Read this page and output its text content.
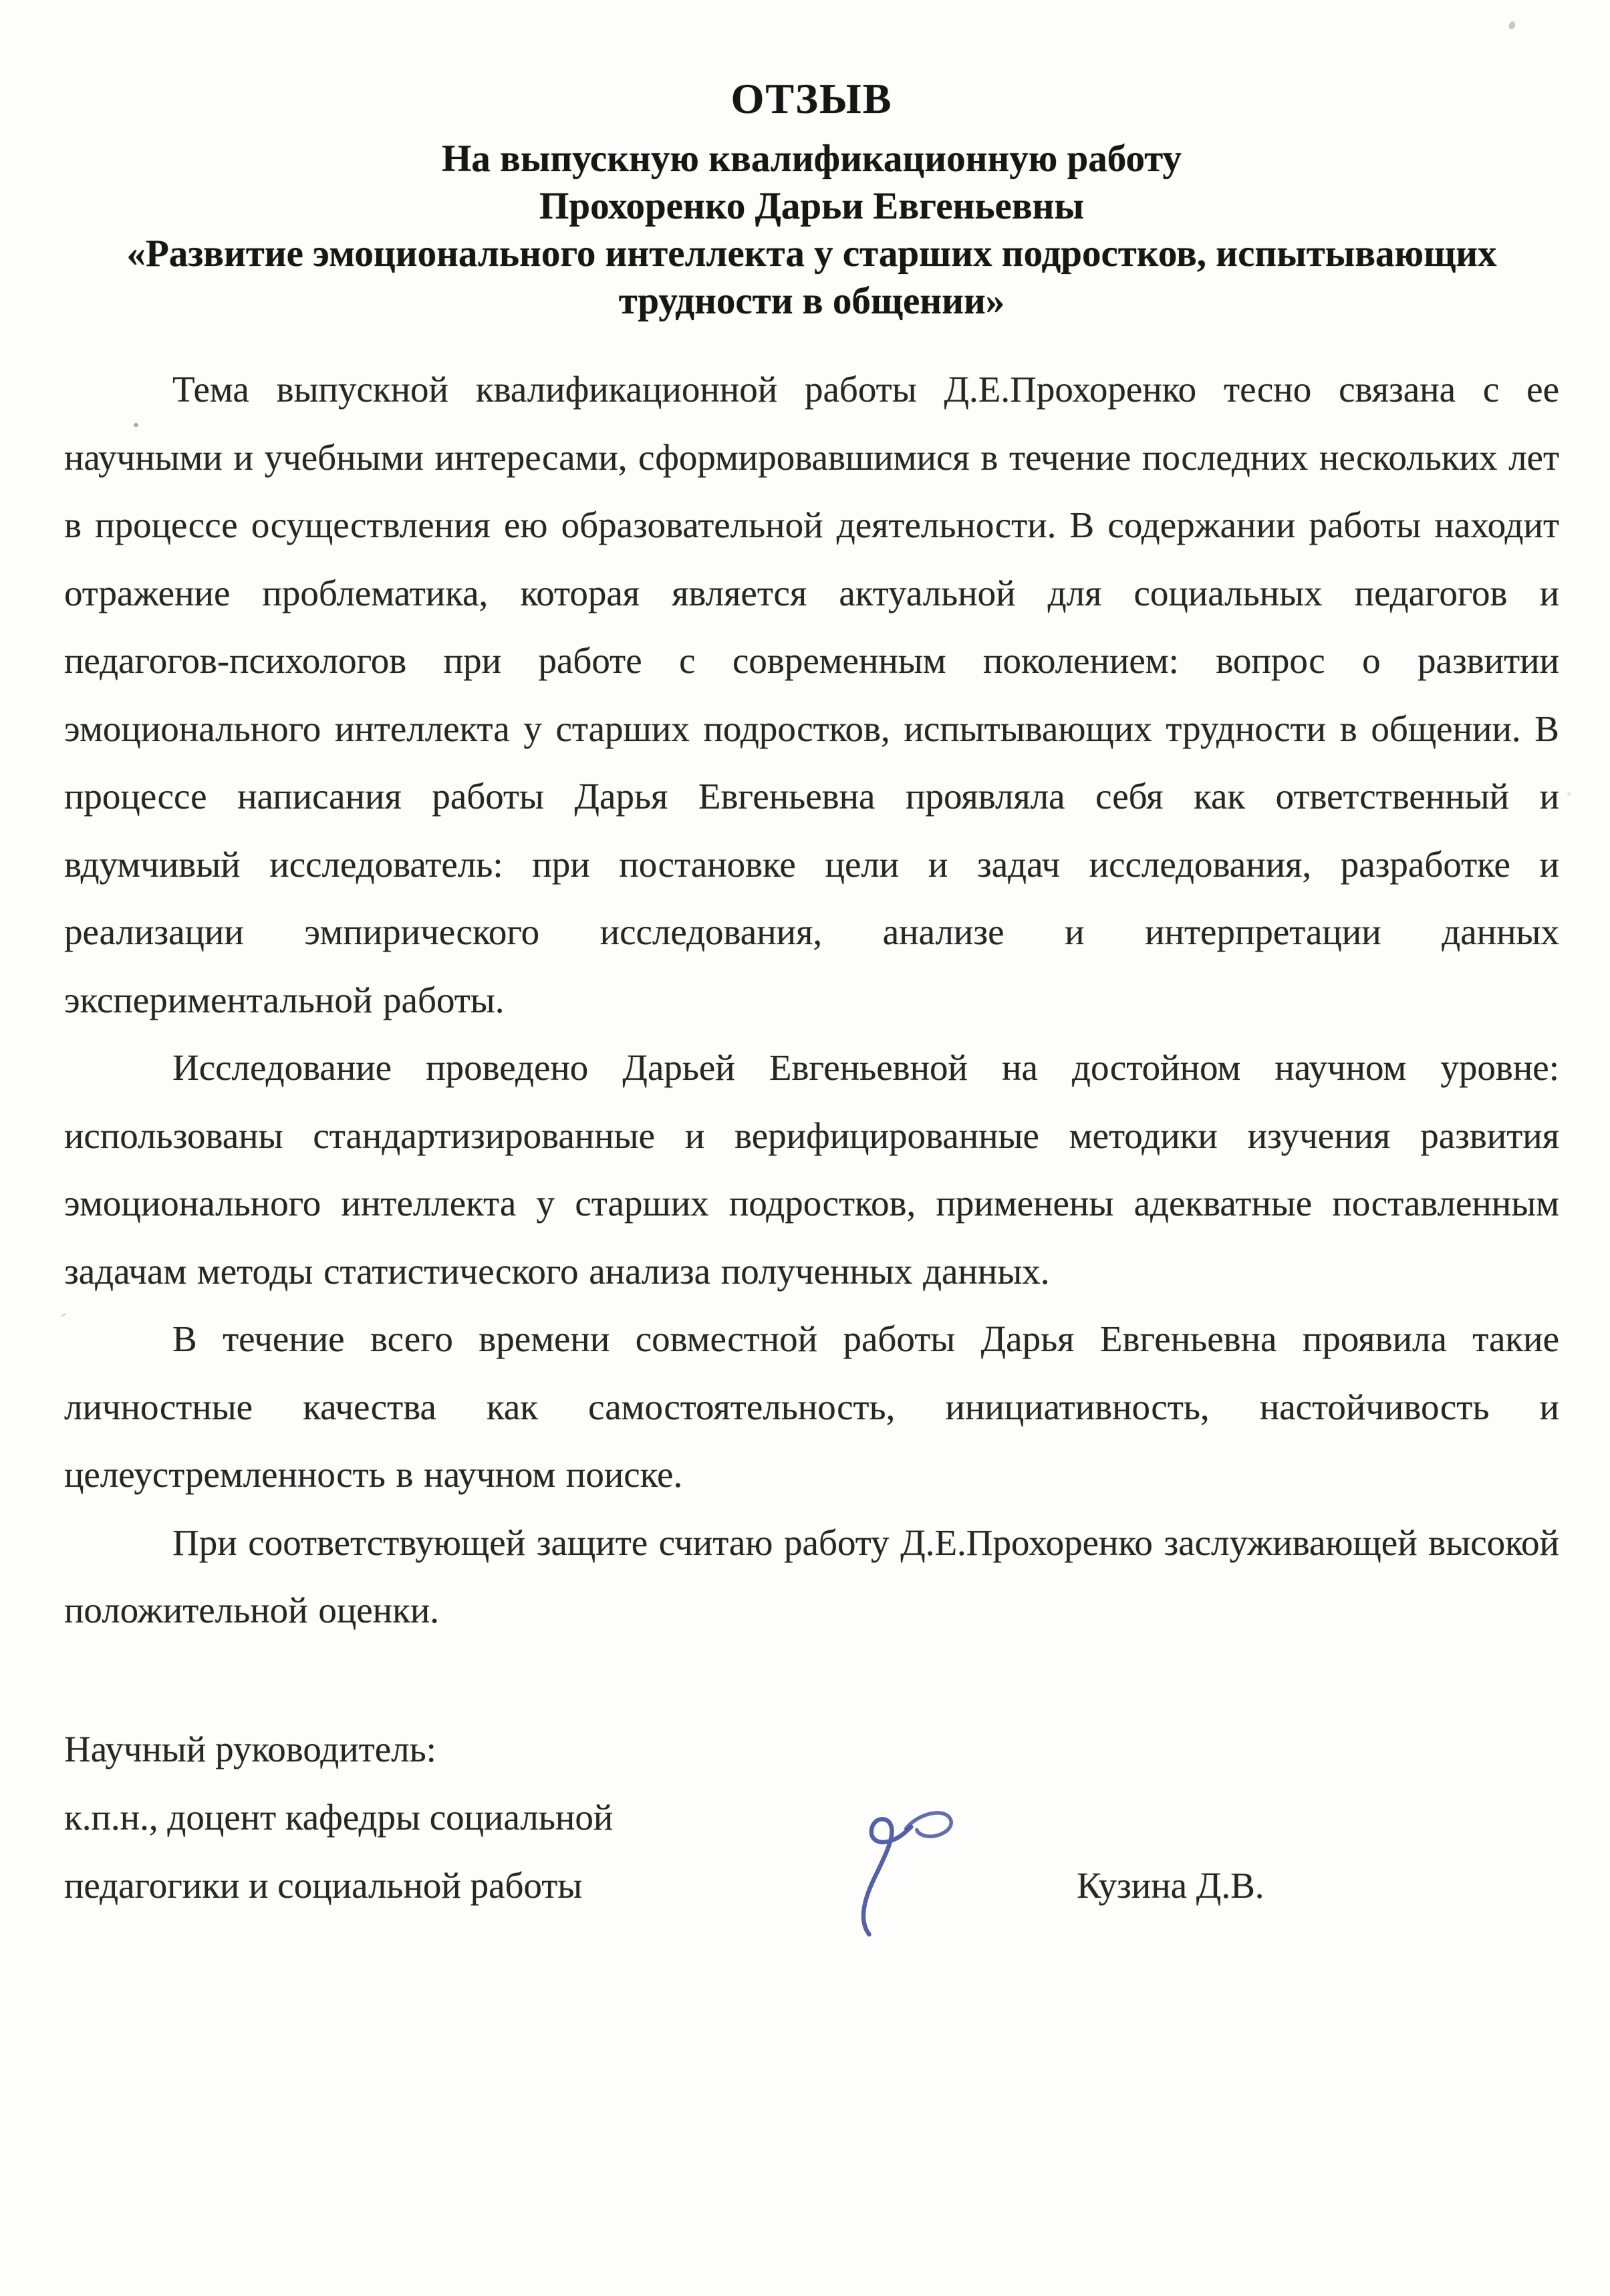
ОТЗЫВ
На выпускную квалификационную работу
Прохоренко Дарьи Евгеньевны
«Развитие эмоционального интеллекта у старших подростков, испытывающих
трудности в общении»

Тема выпускной квалификационной работы Д.Е.Прохоренко тесно связана с ее научными и учебными интересами, сформировавшимися в течение последних нескольких лет в процессе осуществления ею образовательной деятельности. В содержании работы находит отражение проблематика, которая является актуальной для социальных педагогов и педагогов-психологов при работе с современным поколением: вопрос о развитии эмоционального интеллекта у старших подростков, испытывающих трудности в общении. В процессе написания работы Дарья Евгеньевна проявляла себя как ответственный и вдумчивый исследователь: при постановке цели и задач исследования, разработке и реализации эмпирического исследования, анализе и интерпретации данных экспериментальной работы.

Исследование проведено Дарьей Евгеньевной на достойном научном уровне: использованы стандартизированные и верифицированные методики изучения развития эмоционального интеллекта у старших подростков, применены адекватные поставленным задачам методы статистического анализа полученных данных.

В течение всего времени совместной работы Дарья Евгеньевна проявила такие личностные качества как самостоятельность, инициативность, настойчивость и целеустремленность в научном поиске.

При соответствующей защите считаю работу Д.Е.Прохоренко заслуживающей высокой положительной оценки.

Научный руководитель:
к.п.н., доцент кафедры социальной
педагогики и социальной работы	Кузина Д.В.
